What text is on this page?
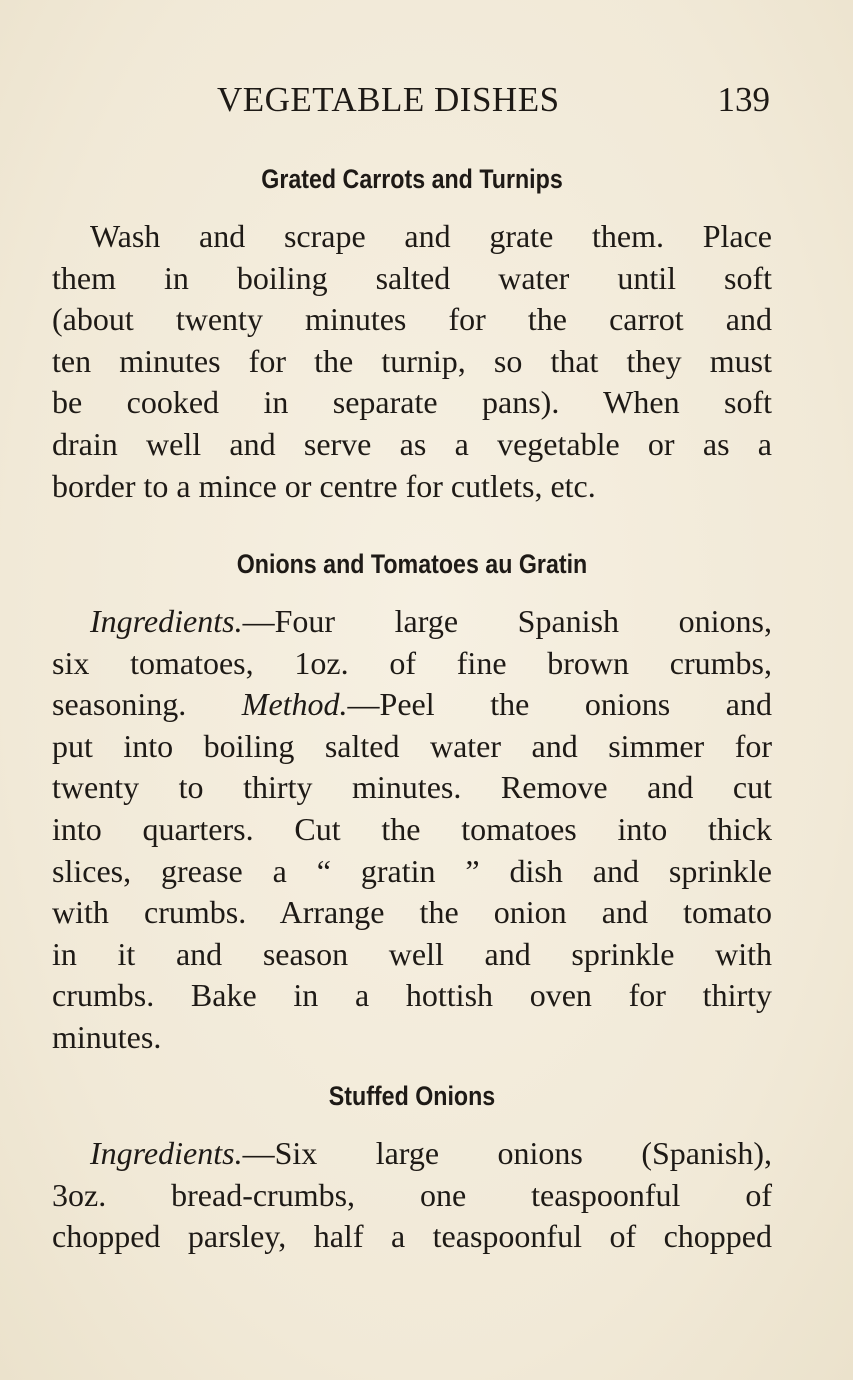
VEGETABLE DISHES	139
Grated Carrots and Turnips
Wash and scrape and grate them. Place
them in boiling salted water until soft
(about twenty minutes for the carrot and
ten minutes for the turnip, so that they must
be cooked in separate pans). When soft
drain well and serve as a vegetable or as a
border to a mince or centre for cutlets, etc.
Onions and Tomatoes au Gratin
Ingredients.—Four large Spanish onions,
six tomatoes, 1oz. of fine brown crumbs,
seasoning. Method.—Peel the onions and
put into boiling salted water and simmer for
twenty to thirty minutes. Remove and cut
into quarters. Cut the tomatoes into thick
slices, grease a “ gratin ” dish and sprinkle
with crumbs. Arrange the onion and tomato
in it and season well and sprinkle with
crumbs. Bake in a hottish oven for thirty
minutes.
Stuffed Onions
Ingredients.—Six large onions (Spanish),
3oz. bread-crumbs, one teaspoonful of
chopped parsley, half a teaspoonful of chopped
